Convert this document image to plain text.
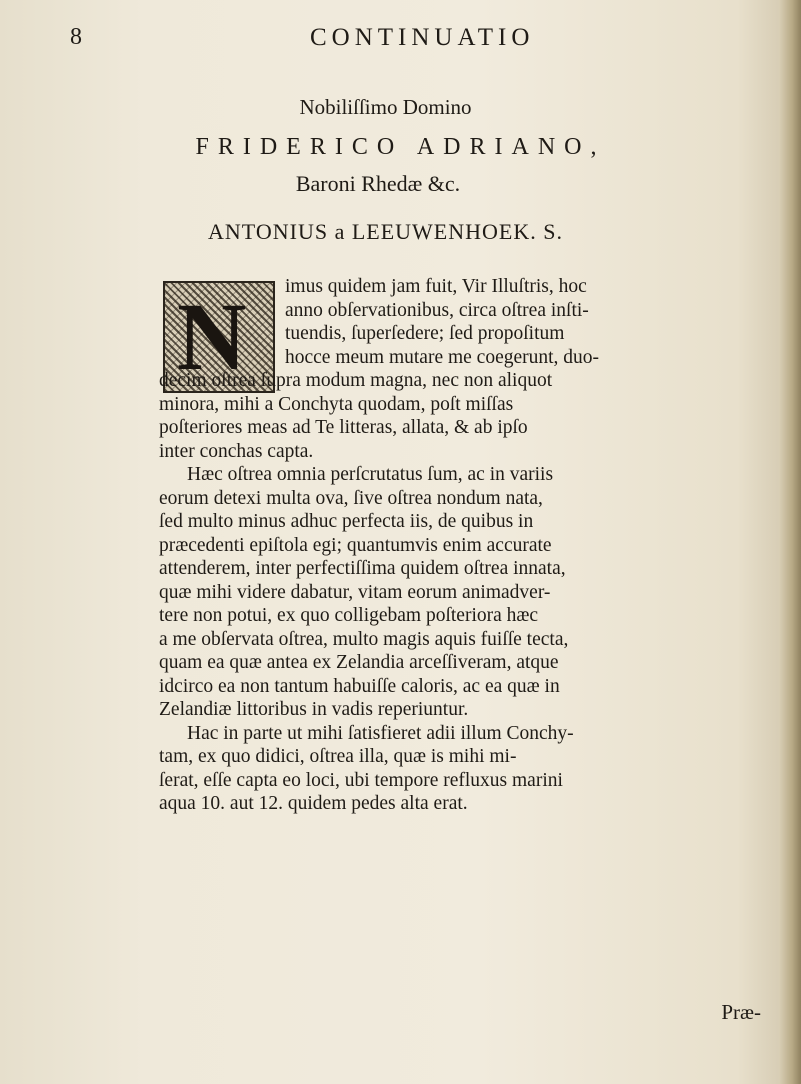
8	CONTINUATIO
Nobiliſſimo Domino
FRIDERICO ADRIANO,
Baroni Rhedæ &c.
ANTONIUS a LEEUWENHOEK. S.
N	imus quidem jam fuit, Vir Illuſtris, hoc
anno obſervationibus, circa oſtrea inſti-
tuendis, ſuperſedere; ſed propoſitum
hocce meum mutare me coegerunt, duo-
decim oſtrea ſupra modum magna, nec non aliquot
minora, mihi a Conchyta quodam, poſt miſſas
poſteriores meas ad Te litteras, allata, & ab ipſo
inter conchas capta.
Hæc oſtrea omnia perſcrutatus ſum, ac in variis
eorum detexi multa ova, ſive oſtrea nondum nata,
ſed multo minus adhuc perfecta iis, de quibus in
præcedenti epiſtola egi; quantumvis enim accurate
attenderem, inter perfectiſſima quidem oſtrea innata,
quæ mihi videre dabatur, vitam eorum animadver-
tere non potui, ex quo colligebam poſteriora hæc
a me obſervata oſtrea, multo magis aquis fuiſſe tecta,
quam ea quæ antea ex Zelandia arceſſiveram, atque
idcirco ea non tantum habuiſſe caloris, ac ea quæ in
Zelandiæ littoribus in vadis reperiuntur.
Hac in parte ut mihi ſatisfieret adii illum Conchy-
tam, ex quo didici, oſtrea illa, quæ is mihi mi-
ſerat, eſſe capta eo loci, ubi tempore refluxus marini
aqua 10. aut 12. quidem pedes alta erat.
Præ-
